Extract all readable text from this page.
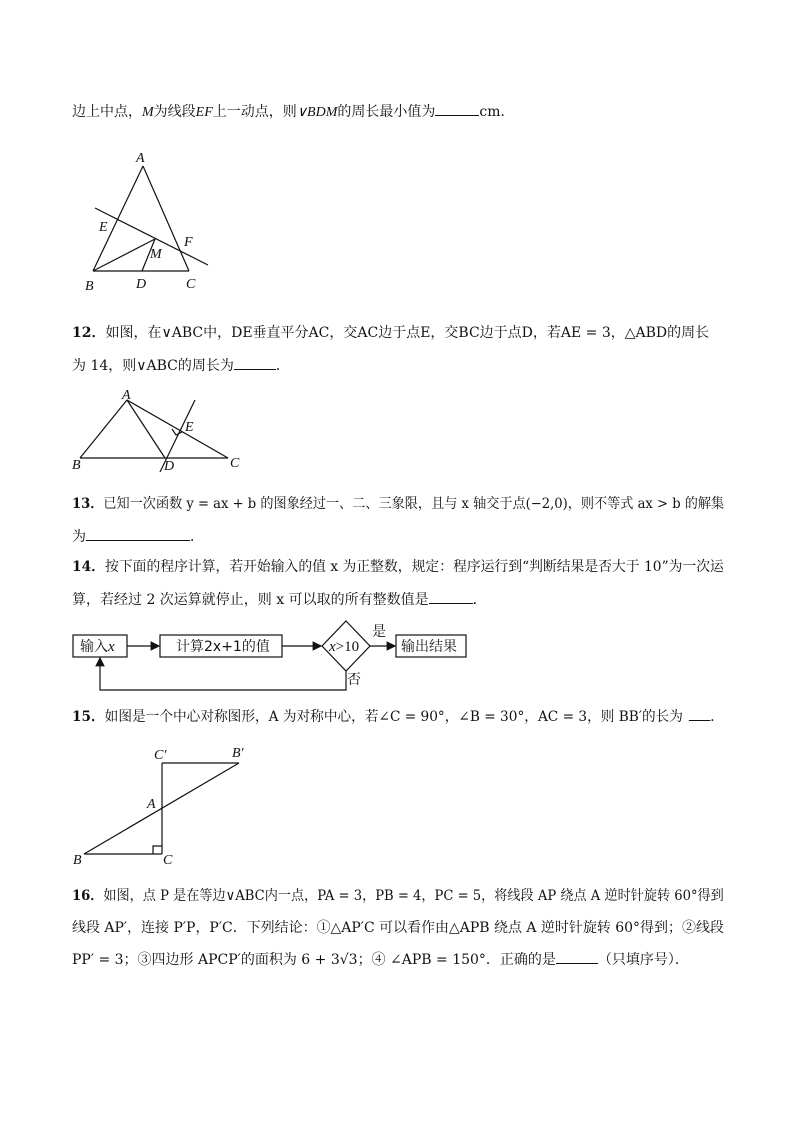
边上中点，M为线段EF上一动点，则∨BDM的周长最小值为	cm．
A
E
F
M
B	D	C
12．如图，在∨ABC中，DE垂直平分AC，交AC边于点E，交BC边于点D，若AE = 3，△ABD的周长
为 14，则∨ABC的周长为	．
A
E
B	D	C
13．已知一次函数 y = ax + b 的图象经过一、二、三象限，且与 x 轴交于点(−2,0)，则不等式 ax > b 的解集
为	．
14．按下面的程序计算，若开始输入的值 x 为正整数，规定：程序运行到“判断结果是否大于 10”为一次运
算，若经过 2 次运算就停止，则 x 可以取的所有整数值是	．
输入x	计算2x+1的值	x>10
是
否
输出结果
15．如图是一个中心对称图形，A 为对称中心，若∠C = 90°，∠B = 30°，AC = 3，则 BB′的长为 ．
C′	B′
A
B	C
16．如图，点 P 是在等边∨ABC内一点，PA = 3，PB = 4，PC = 5，将线段 AP 绕点 A 逆时针旋转 60°得到
线段 AP′，连接 P′P，P′C．下列结论：①△AP′C 可以看作由△APB 绕点 A 逆时针旋转 60°得到；②线段
PP′ = 3；③四边形 APCP′的面积为 6 + 3√3；④ ∠APB = 150°．正确的是	（只填序号）．
